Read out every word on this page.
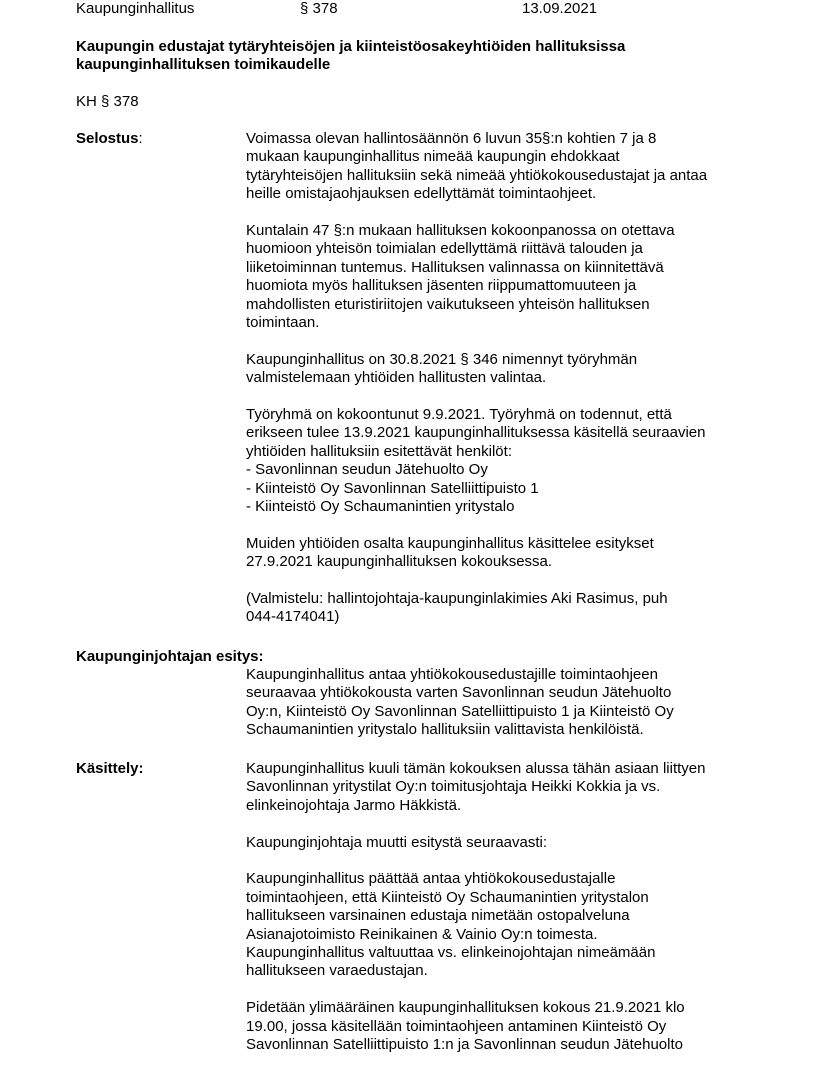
Kaupunginhallitus	§ 378	13.09.2021
Kaupungin edustajat tytäryhteisöjen ja kiinteistöosakeyhtiöiden hallituksissa
kaupunginhallituksen toimikaudelle
KH § 378
Selostus:	Voimassa olevan hallintosäännön 6 luvun 35§:n kohtien 7 ja 8
mukaan kaupunginhallitus nimeää kaupungin ehdokkaat
tytäryhteisöjen hallituksiin sekä nimeää yhtiökokousedustajat ja antaa
heille omistajaohjauksen edellyttämät toimintaohjeet.

Kuntalain 47 §:n mukaan hallituksen kokoonpanossa on otettava
huomioon yhteisön toimialan edellyttämä riittävä talouden ja
liiketoiminnan tuntemus. Hallituksen valinnassa on kiinnitettävä
huomiota myös hallituksen jäsenten riippumattomuuteen ja
mahdollisten eturistiriitojen vaikutukseen yhteisön hallituksen
toimintaan.

Kaupunginhallitus on 30.8.2021 § 346 nimennyt työryhmän
valmistelemaan yhtiöiden hallitusten valintaa.

Työryhmä on kokoontunut 9.9.2021. Työryhmä on todennut, että
erikseen tulee 13.9.2021 kaupunginhallituksessa käsitellä seuraavien
yhtiöiden hallituksiin esitettävät henkilöt:
- Savonlinnan seudun Jätehuolto Oy
- Kiinteistö Oy Savonlinnan Satelliittipuisto 1
- Kiinteistö Oy Schaumanintien yritystalo

Muiden yhtiöiden osalta kaupunginhallitus käsittelee esitykset
27.9.2021 kaupunginhallituksen kokouksessa.

(Valmistelu: hallintojohtaja-kaupunginlakimies Aki Rasimus, puh
044-4174041)

Kaupunginjohtajan esitys:

Kaupunginhallitus antaa yhtiökokousedustajille toimintaohjeen
seuraavaa yhtiökokousta varten Savonlinnan seudun Jätehuolto
Oy:n, Kiinteistö Oy Savonlinnan Satelliittipuisto 1 ja Kiinteistö Oy
Schaumanintien yritystalo hallituksiin valittavista henkilöistä.

Käsittely:	Kaupunginhallitus kuuli tämän kokouksen alussa tähän asiaan liittyen
Savonlinnan yritystilat Oy:n toimitusjohtaja Heikki Kokkia ja vs.
elinkeinojohtaja Jarmo Häkkistä.

Kaupunginjohtaja muutti esitystä seuraavasti:

Kaupunginhallitus päättää antaa yhtiökokousedustajalle
toimintaohjeen, että Kiinteistö Oy Schaumanintien yritystalon
hallitukseen varsinainen edustaja nimetään ostopalveluna
Asianajotoimisto Reinikainen & Vainio Oy:n toimesta.
Kaupunginhallitus valtuuttaa vs. elinkeinojohtajan nimeämään
hallitukseen varaedustajan.

Pidetään ylimääräinen kaupunginhallituksen kokous 21.9.2021 klo
19.00, jossa käsitellään toimintaohjeen antaminen Kiinteistö Oy
Savonlinnan Satelliittipuisto 1:n ja Savonlinnan seudun Jätehuolto
